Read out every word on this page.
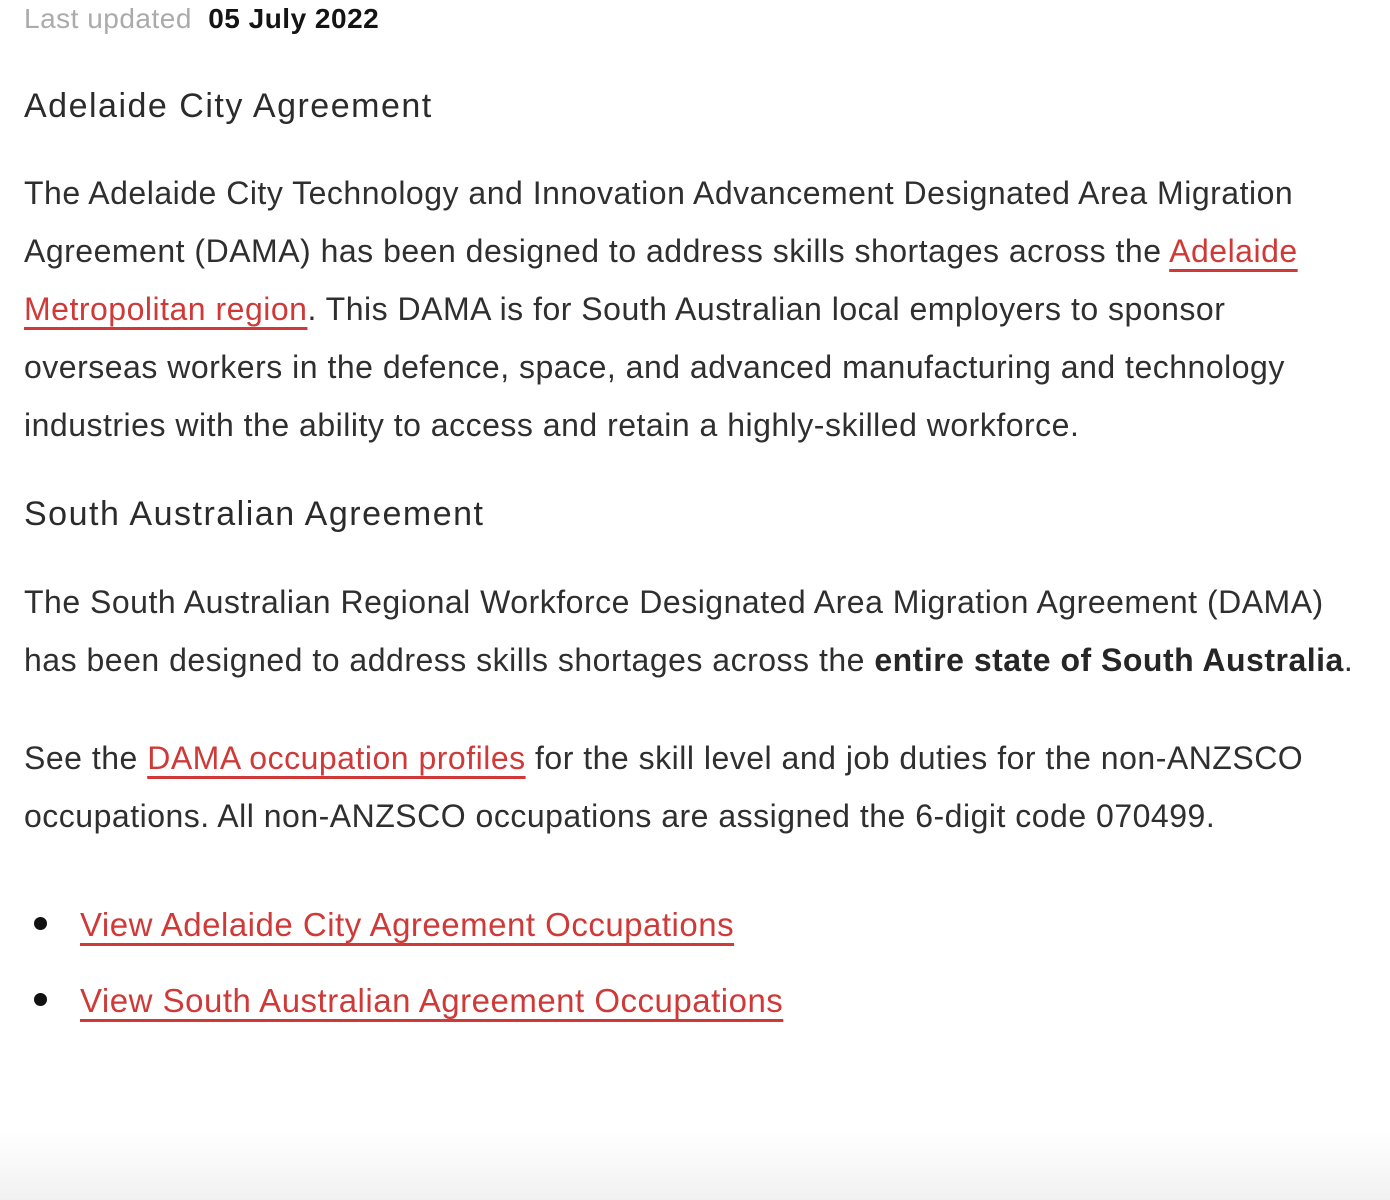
Last updated 05 July 2022

Adelaide City Agreement

The Adelaide City Technology and Innovation Advancement Designated Area Migration Agreement (DAMA) has been designed to address skills shortages across the Adelaide Metropolitan region. This DAMA is for South Australian local employers to sponsor overseas workers in the defence, space, and advanced manufacturing and technology industries with the ability to access and retain a highly-skilled workforce.

South Australian Agreement

The South Australian Regional Workforce Designated Area Migration Agreement (DAMA) has been designed to address skills shortages across the entire state of South Australia.

See the DAMA occupation profiles for the skill level and job duties for the non-ANZSCO occupations. All non-ANZSCO occupations are assigned the 6-digit code 070499.

View Adelaide City Agreement Occupations
View South Australian Agreement Occupations
